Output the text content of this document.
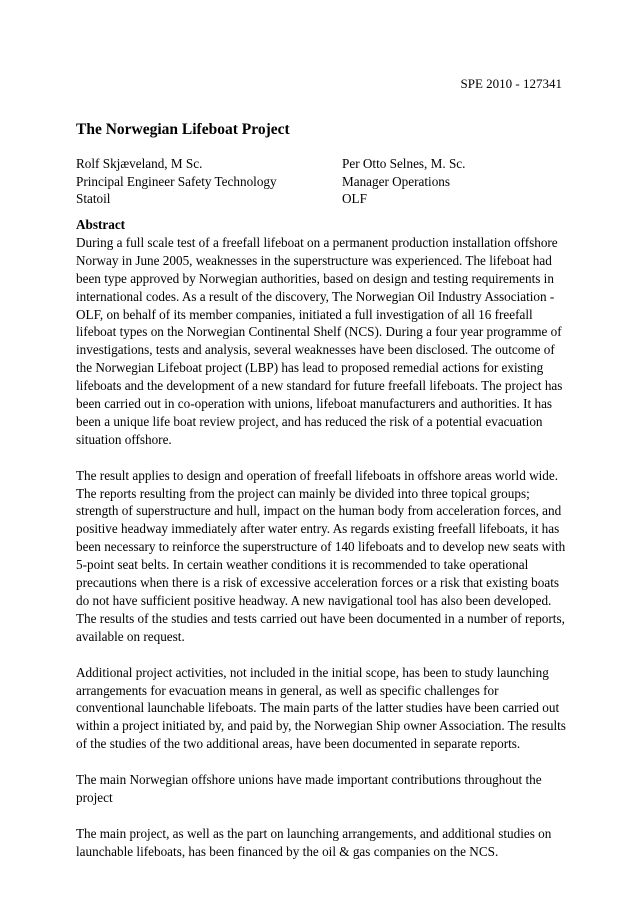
SPE 2010 - 127341
The Norwegian Lifeboat Project
Rolf Skjæveland, M Sc.
Principal Engineer Safety Technology
Statoil
Per Otto Selnes, M. Sc.
Manager Operations
OLF
Abstract

During a full scale test of a freefall lifeboat on a permanent production installation offshore Norway in June 2005, weaknesses in the superstructure was experienced. The lifeboat had been type approved by Norwegian authorities, based on design and testing requirements in international codes. As a result of the discovery, The Norwegian Oil Industry Association - OLF, on behalf of its member companies, initiated a full investigation of all 16 freefall lifeboat types on the Norwegian Continental Shelf (NCS). During a four year programme of investigations, tests and analysis, several weaknesses have been disclosed. The outcome of the Norwegian Lifeboat project (LBP) has lead to proposed remedial actions for existing lifeboats and the development of a new standard for future freefall lifeboats. The project has been carried out in co-operation with unions, lifeboat manufacturers and authorities. It has been a unique life boat review project, and has reduced the risk of a potential evacuation situation offshore.

The result applies to design and operation of freefall lifeboats in offshore areas world wide. The reports resulting from the project can mainly be divided into three topical groups; strength of superstructure and hull, impact on the human body from acceleration forces, and positive headway immediately after water entry. As regards existing freefall lifeboats, it has been necessary to reinforce the superstructure of 140 lifeboats and to develop new seats with 5-point seat belts. In certain weather conditions it is recommended to take operational precautions when there is a risk of excessive acceleration forces or a risk that existing boats do not have sufficient positive headway. A new navigational tool has also been developed. The results of the studies and tests carried out have been documented in a number of reports, available on request.

Additional project activities, not included in the initial scope, has been to study launching arrangements for evacuation means in general, as well as specific challenges for conventional launchable lifeboats. The main parts of the latter studies have been carried out within a project initiated by, and paid by, the Norwegian Ship owner Association. The results of the studies of the two additional areas, have been documented in separate reports.

The main Norwegian offshore unions have made important contributions throughout the project

The main project, as well as the part on launching arrangements, and additional studies on launchable lifeboats, has been financed by the oil & gas companies on the NCS.
